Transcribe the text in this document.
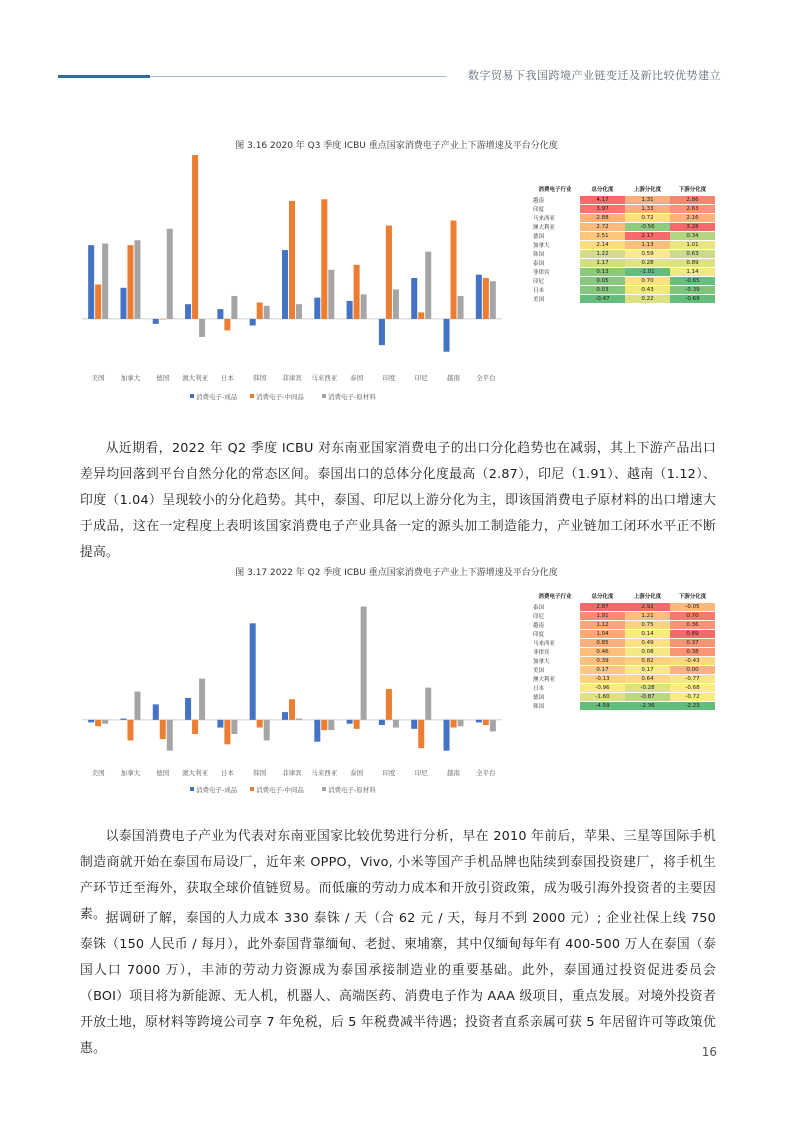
数字贸易下我国跨境产业链变迁及新比较优势建立
图 3.16 2020 年 Q3 季度 ICBU 重点国家消费电子产业上下游增速及平台分化度
美国 加拿大 德国 澳大利亚 日本	韩国 菲律宾 马来西亚 泰国	印度	印尼	越南 全平台
消费电子-成品	消费电子-中间品	消费电子-原材料
消费电子行业	总分化度	上游分化度	下游分化度
越南	4.17	1.31	2.86
印度	3.97	1.33	2.63
马来西亚	2.88	0.72	2.16
澳大利亚	2.72	-0.56	3.28
德国	2.51	2.17	0.34
加拿大	2.14	1.13	1.01
韩国	1.22	0.59	0.63
泰国	1.17	0.28	0.89
菲律宾	0.13	-1.01	1.14
印尼	0.05	0.70	-0.65
日本	0.03	0.43	-0.39
美国	-0.47	0.22	-0.69
从近期看，2022 年 Q2 季度 ICBU 对东南亚国家消费电子的出口分化趋势也在减弱，其上下游产品出口差异均回落到平台自然分化的常态区间。泰国出口的总体分化度最高（2.87），印尼（1.91）、越南（1.12）、印度（1.04）呈现较小的分化趋势。其中，泰国、印尼以上游分化为主，即该国消费电子原材料的出口增速大于成品，这在一定程度上表明该国家消费电子产业具备一定的源头加工制造能力，产业链加工闭环水平正不断提高。
图 3.17 2022 年 Q2 季度 ICBU 重点国家消费电子产业上下游增速及平台分化度
美国 加拿大 德国 澳大利亚 日本	韩国 菲律宾 马来西亚 泰国	印度	印尼	越南 全平台
消费电子-成品	消费电子-中间品	消费电子-原材料
消费电子行业	总分化度	上游分化度	下游分化度
泰国	2.87	2.92	-0.05
印尼	1.91	1.21	0.70
越南	1.12	0.75	0.36
印度	1.04	0.14	0.89
马来西亚	0.85	0.49	0.37
菲律宾	0.46	0.08	0.38
加拿大	0.39	0.82	-0.43
美国	0.17	0.17	0.00
澳大利亚	-0.13	0.64	-0.77
日本	-0.96	-0.28	-0.68
德国	-1.60	-0.87	-0.72
韩国	-4.59	-2.36	-2.23
以泰国消费电子产业为代表对东南亚国家比较优势进行分析，早在 2010 年前后，苹果、三星等国际手机制造商就开始在泰国布局设厂，近年来 OPPO，Vivo, 小米等国产手机品牌也陆续到泰国投资建厂，将手机生产环节迁至海外，获取全球价值链贸易。而低廉的劳动力成本和开放引资政策，成为吸引海外投资者的主要因素。 据调研了解，泰国的人力成本 330 泰铢 / 天（合 62 元 / 天，每月不到 2000 元）; 企业社保上线 750 泰铢（150 人民币 / 每月），此外泰国背靠缅甸、老挝、柬埔寨，其中仅缅甸每年有 400-500 万人在泰国（泰国人口 7000 万），丰沛的劳动力资源成为泰国承接制造业的重要基础。此外，泰国通过投资促进委员会（BOI）项目将为新能源、无人机，机器人、高端医药、消费电子作为 AAA 级项目，重点发展。对境外投资者开放土地，原材料等跨境公司享 7 年免税，后 5 年税费减半待遇；投资者直系亲属可获 5 年居留许可等政策优惠。	16
